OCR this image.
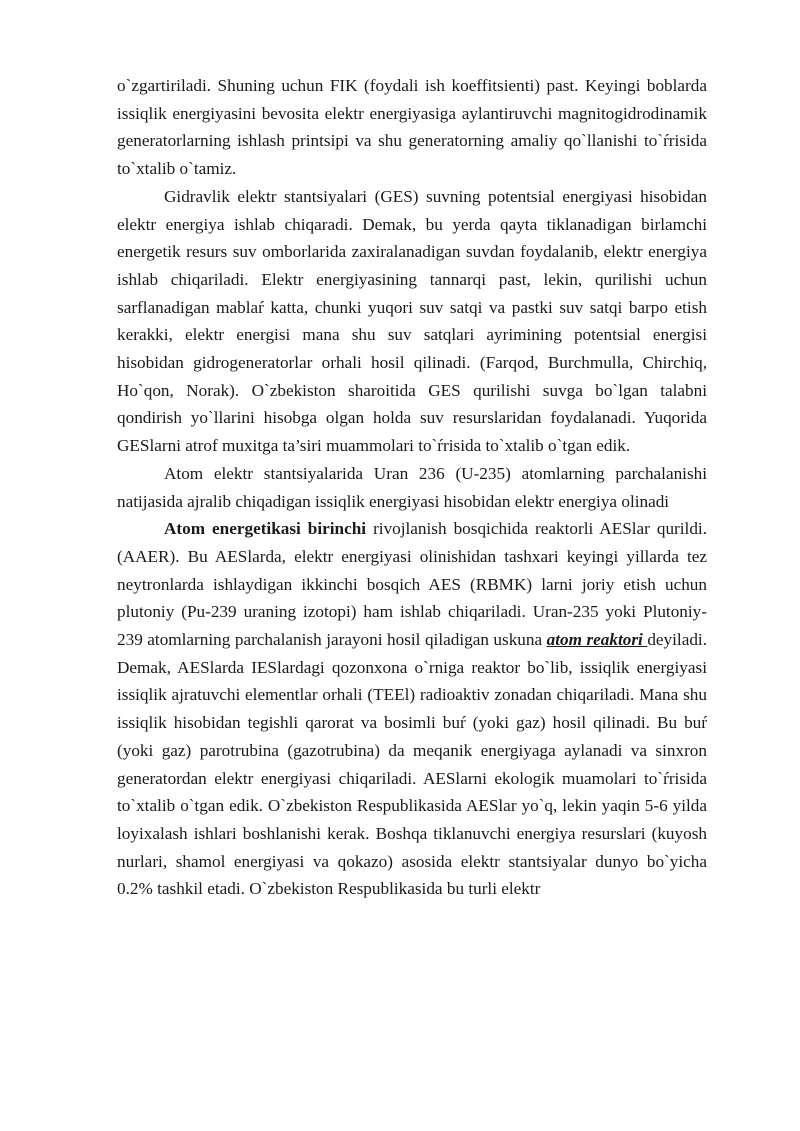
o`zgartiriladi. Shuning uchun FIK (foydali ish koeffitsienti) past. Keyingi boblarda issiqlik energiyasini bevosita elektr energiyasiga aylantiruvchi magnitogidrodinamik generatorlarning ishlash printsipi va shu generatorning amaliy qo`llanishi to`ŕrisida to`xtalib o`tamiz.

Gidravlik elektr stantsiyalari (GES) suvning potentsial energiyasi hisobidan elektr energiya ishlab chiqaradi. Demak, bu yerda qayta tiklanadigan birlamchi energetik resurs suv omborlarida zaxiralanadigan suvdan foydalanib, elektr energiya ishlab chiqariladi. Elektr energiyasining tannarqi past, lekin, qurilishi uchun sarflanadigan mablaŕ katta, chunki yuqori suv satqi va pastki suv satqi barpo etish kerakki, elektr energisi mana shu suv satqlari ayrimining potentsial energisi hisobidan gidrogeneratorlar orhali hosil qilinadi. (Farqod, Burchmulla, Chirchiq, Ho`qon, Norak). O`zbekiston sharoitida GES qurilishi suvga bo`lgan talabni qondirish yo`llarini hisobga olgan holda suv resurslaridan foydalanadi. Yuqorida GESlarni atrof muxitga ta’siri muammolari to`ŕrisida to`xtalib o`tgan edik.

Atom elektr stantsiyalarida Uran 236 (U-235) atomlarning parchalanishi natijasida ajralib chiqadigan issiqlik energiyasi hisobidan elektr energiya olinadi

Atom energetikasi birinchi rivojlanish bosqichida reaktorli AESlar qurildi. (AAER). Bu AESlarda, elektr energiyasi olinishidan tashxari keyingi yillarda tez neytronlarda ishlaydigan ikkinchi bosqich AES (RBMK) larni joriy etish uchun plutoniy (Pu-239 uraning izotopi) ham ishlab chiqariladi. Uran-235 yoki Plutoniy-239 atomlarning parchalanish jarayoni hosil qiladigan uskuna atom reaktori deyiladi. Demak, AESlarda IESlardagi qozonxona o`rniga reaktor bo`lib, issiqlik energiyasi issiqlik ajratuvchi elementlar orhali (TEEl) radioaktiv zonadan chiqariladi. Mana shu issiqlik hisobidan tegishli qarorat va bosimli buŕ (yoki gaz) hosil qilinadi. Bu buŕ (yoki gaz) parotrubina (gazotrubina) da meqanik energiyaga aylanadi va sinxron generatordan elektr energiyasi chiqariladi. AESlarni ekologik muamolari to`ŕrisida to`xtalib o`tgan edik. O`zbekiston Respublikasida AESlar yo`q, lekin yaqin 5-6 yilda loyixalash ishlari boshlanishi kerak. Boshqa tiklanuvchi energiya resurslari (kuyosh nurlari, shamol energiyasi va qokazo) asosida elektr stantsiyalar dunyo bo`yicha 0.2% tashkil etadi. O`zbekiston Respublikasida bu turli elektr
